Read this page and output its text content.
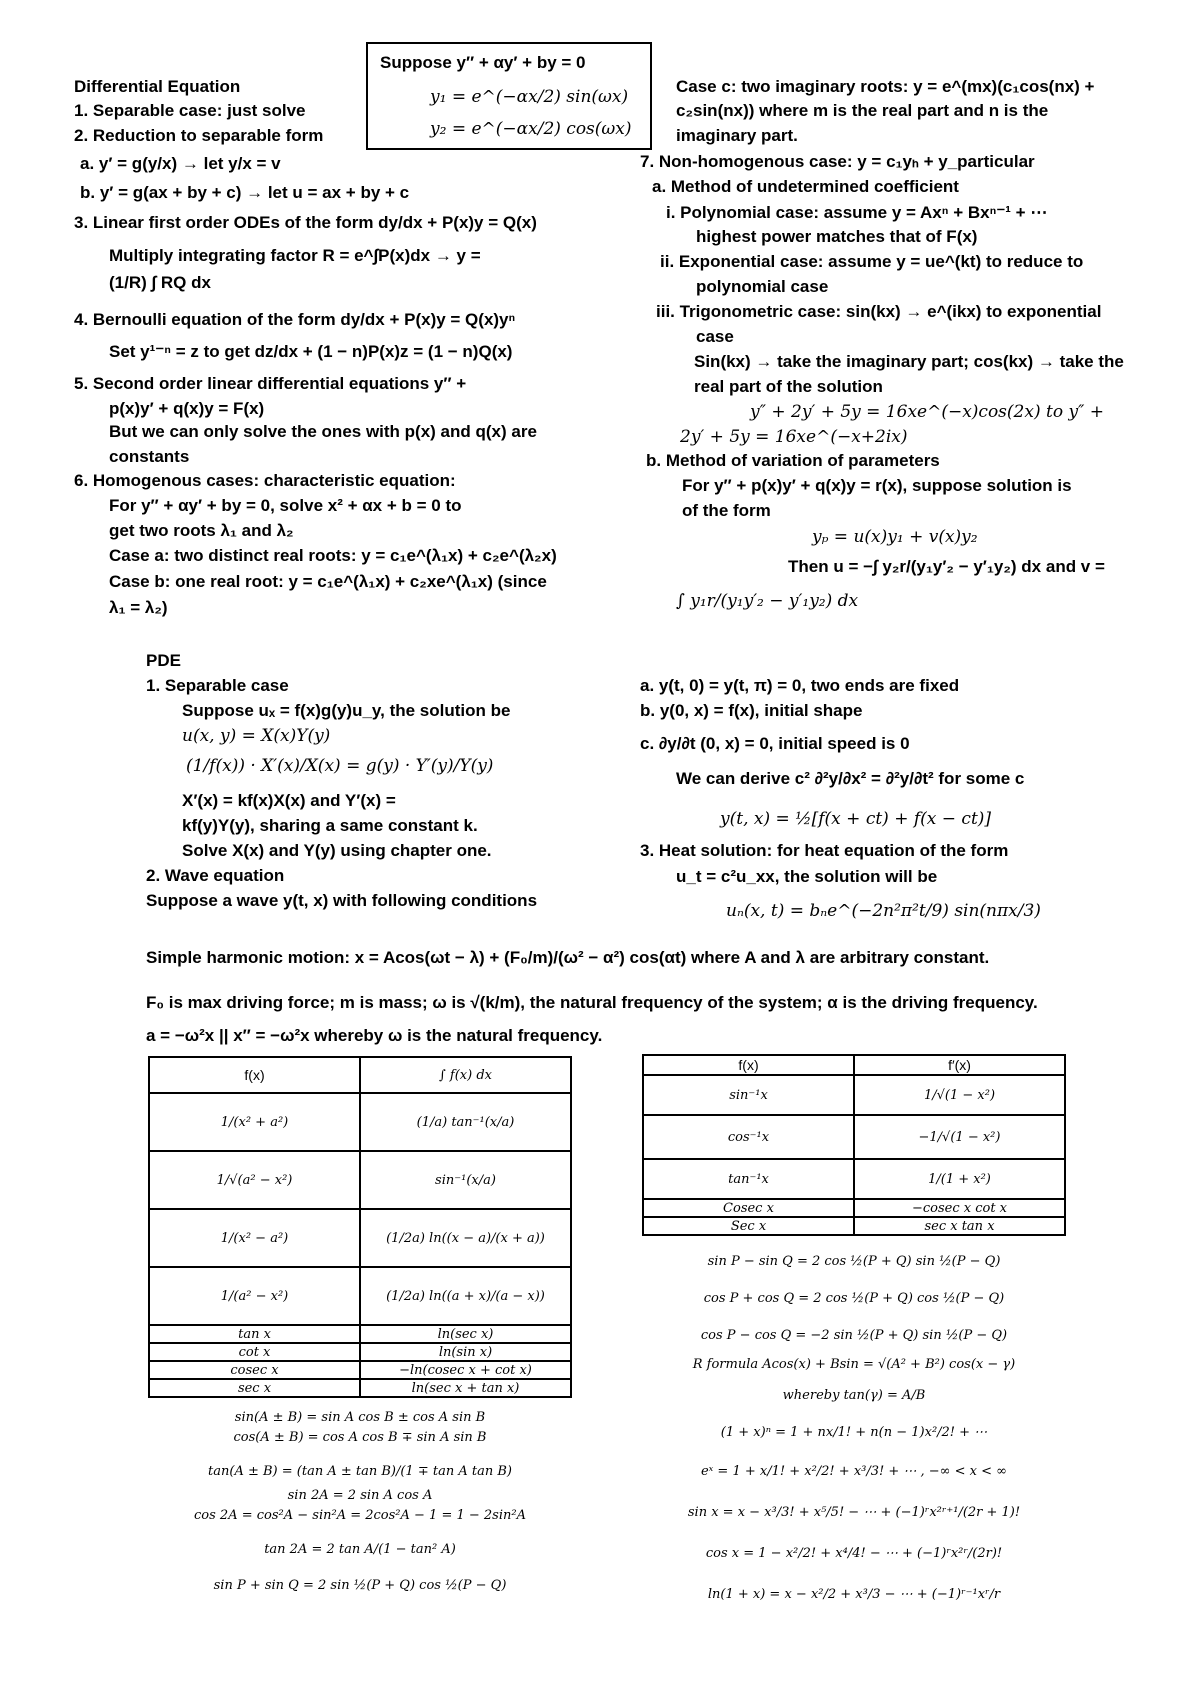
Suppose y″ + αy′ + by = 0
y₁ = e^(−αx/2) sin(ωx)
y₂ = e^(−αx/2) cos(ωx)
Differential Equation
1. Separable case: just solve
2. Reduction to separable form
a. y′ = g(y/x) → let y/x = v
b. y′ = g(ax + by + c) → let u = ax + by + c
3. Linear first order ODEs of the form dy/dx + P(x)y = Q(x)
Multiply integrating factor R = e^∫P(x)dx → y =
(1/R) ∫ RQ dx
4. Bernoulli equation of the form dy/dx + P(x)y = Q(x)yⁿ
Set y¹⁻ⁿ = z to get dz/dx + (1 − n)P(x)z = (1 − n)Q(x)
5. Second order linear differential equations y″ +
p(x)y′ + q(x)y = F(x)
But we can only solve the ones with p(x) and q(x) are
constants
6. Homogenous cases: characteristic equation:
For y″ + αy′ + by = 0, solve x² + αx + b = 0 to
get two roots λ₁ and λ₂
Case a: two distinct real roots: y = c₁e^(λ₁x) + c₂e^(λ₂x)
Case b: one real root: y = c₁e^(λ₁x) + c₂xe^(λ₁x) (since
λ₁ = λ₂)
Case c: two imaginary roots: y = e^(mx)(c₁cos(nx) +
c₂sin(nx)) where m is the real part and n is the
imaginary part.
7. Non-homogenous case: y = c₁yₕ + y_particular
a. Method of undetermined coefficient
i. Polynomial case: assume y = Axⁿ + Bxⁿ⁻¹ + ⋯
highest power matches that of F(x)
ii. Exponential case: assume y = ue^(kt) to reduce to
polynomial case
iii. Trigonometric case: sin(kx) → e^(ikx) to exponential
case
Sin(kx) → take the imaginary part; cos(kx) → take the
real part of the solution
y″ + 2y′ + 5y = 16xe^(−x)cos(2x) to y″ +
2y′ + 5y = 16xe^(−x+2ix)
b. Method of variation of parameters
For y″ + p(x)y′ + q(x)y = r(x), suppose solution is
of the form
yₚ = u(x)y₁ + v(x)y₂
Then u = −∫ y₂r/(y₁y′₂ − y′₁y₂) dx and v =
∫ y₁r/(y₁y′₂ − y′₁y₂) dx
PDE
1. Separable case
Suppose uₓ = f(x)g(y)u_y, the solution be
u(x, y) = X(x)Y(y)
(1/f(x)) · X′(x)/X(x) = g(y) · Y′(y)/Y(y)
X′(x) = kf(x)X(x) and Y′(x) =
kf(y)Y(y), sharing a same constant k.
Solve X(x) and Y(y) using chapter one.
2. Wave equation
Suppose a wave y(t, x) with following conditions
a. y(t, 0) = y(t, π) = 0, two ends are fixed
b. y(0, x) = f(x), initial shape
c. ∂y/∂t (0, x) = 0, initial speed is 0
We can derive c² ∂²y/∂x² = ∂²y/∂t² for some c
y(t, x) = ½[f(x + ct) + f(x − ct)]
3. Heat solution: for heat equation of the form
u_t = c²u_xx, the solution will be
uₙ(x, t) = bₙe^(−2n²π²t/9) sin(nπx/3)
Simple harmonic motion: x = Acos(ωt − λ) + (F₀/m)/(ω² − α²) cos(αt) where A and λ are arbitrary constant.
F₀ is max driving force; m is mass; ω is √(k/m), the natural frequency of the system; α is the driving frequency.
a = −ω²x || x″ = −ω²x whereby ω is the natural frequency.
f(x)	∫ f(x) dx
1/(x² + a²)	(1/a) tan⁻¹(x/a)
1/√(a² − x²)	sin⁻¹(x/a)
1/(x² − a²)	(1/2a) ln((x − a)/(x + a))
1/(a² − x²)	(1/2a) ln((a + x)/(a − x))
tan x	ln(sec x)
cot x	ln(sin x)
cosec x	−ln(cosec x + cot x)
sec x	ln(sec x + tan x)
f(x)	f′(x)
sin⁻¹x	1/√(1 − x²)
cos⁻¹x	−1/√(1 − x²)
tan⁻¹x	1/(1 + x²)
Cosec x	−cosec x cot x
Sec x	sec x tan x
sin(A ± B) = sin A cos B ± cos A sin B
cos(A ± B) = cos A cos B ∓ sin A sin B
tan(A ± B) = (tan A ± tan B)/(1 ∓ tan A tan B)
sin 2A = 2 sin A cos A
cos 2A = cos²A − sin²A = 2cos²A − 1 = 1 − 2sin²A
tan 2A = 2 tan A/(1 − tan² A)
sin P + sin Q = 2 sin ½(P + Q) cos ½(P − Q)
sin P − sin Q = 2 cos ½(P + Q) sin ½(P − Q)
cos P + cos Q = 2 cos ½(P + Q) cos ½(P − Q)
cos P − cos Q = −2 sin ½(P + Q) sin ½(P − Q)
R formula Acos(x) + Bsin = √(A² + B²) cos(x − γ)
whereby tan(γ) = A/B
(1 + x)ⁿ = 1 + nx/1! + n(n − 1)x²/2! + ⋯
eˣ = 1 + x/1! + x²/2! + x³/3! + ⋯ , −∞ < x < ∞
sin x = x − x³/3! + x⁵/5! − ⋯ + (−1)ʳx²ʳ⁺¹/(2r + 1)!
cos x = 1 − x²/2! + x⁴/4! − ⋯ + (−1)ʳx²ʳ/(2r)!
ln(1 + x) = x − x²/2 + x³/3 − ⋯ + (−1)ʳ⁻¹xʳ/r
